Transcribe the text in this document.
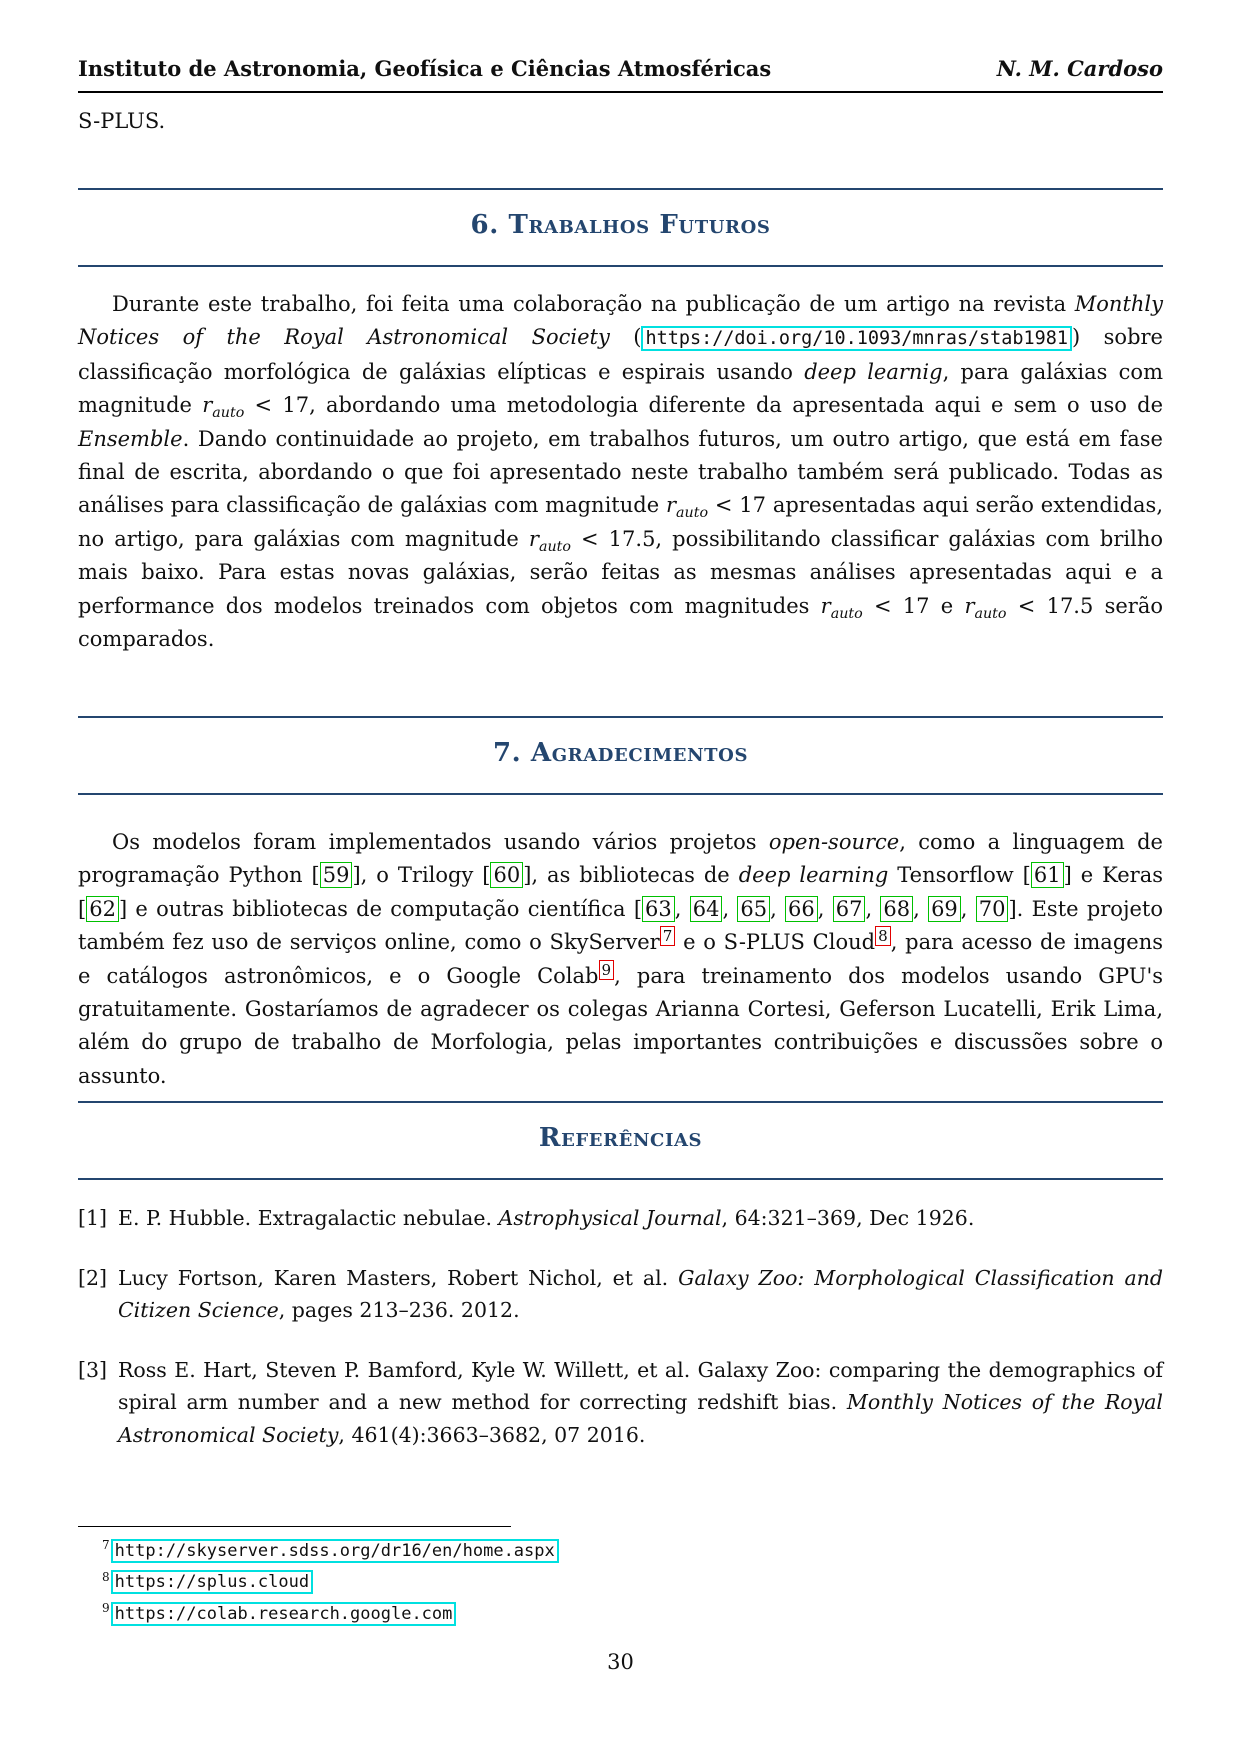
Instituto de Astronomia, Geofísica e Ciências Atmosféricas	N. M. Cardoso
S-PLUS.
6. Trabalhos Futuros
Durante este trabalho, foi feita uma colaboração na publicação de um artigo na revista Monthly Notices of the Royal Astronomical Society ( https://doi.org/10.1093/mnras/stab1981 ) sobre classificação morfológica de galáxias elípticas e espirais usando deep learnig, para galáxias com magnitude $r_{auto} < 17$, abordando uma metodologia diferente da apresentada aqui e sem o uso de Ensemble. Dando continuidade ao projeto, em trabalhos futuros, um outro artigo, que está em fase final de escrita, abordando o que foi apresentado neste trabalho também será publicado. Todas as análises para classificação de galáxias com magnitude $r_{auto} < 17$ apresentadas aqui serão extendidas, no artigo, para galáxias com magnitude $r_{auto} < 17.5$, possibilitando classificar galáxias com brilho mais baixo. Para estas novas galáxias, serão feitas as mesmas análises apresentadas aqui e a performance dos modelos treinados com objetos com magnitudes $r_{auto} < 17$ e $r_{auto} < 17.5$ serão comparados.
7. Agradecimentos
Os modelos foram implementados usando vários projetos open-source, como a linguagem de programação Python [ 59 ], o Trilogy [ 60 ], as bibliotecas de deep learning Tensorflow [ 61 ] e Keras [ 62 ] e outras bibliotecas de computação científica [ 63 , 64 , 65 , 66 , 67 , 68 , 69 , 70 ]. Este projeto também fez uso de serviços online, como o SkyServer $^7$ e o S-PLUS Cloud $^8$ , para acesso de imagens e catálogos astronômicos, e o Google Colab $^9$ , para treinamento dos modelos usando GPU's gratuitamente. Gostaríamos de agradecer os colegas Arianna Cortesi, Geferson Lucatelli, Erik Lima, além do grupo de trabalho de Morfologia, pelas importantes contribuições e discussões sobre o assunto.
Referências
[1] E. P. Hubble. Extragalactic nebulae. Astrophysical Journal, 64:321–369, Dec 1926.
[2] Lucy Fortson, Karen Masters, Robert Nichol, et al. Galaxy Zoo: Morphological Classification and Citizen Science, pages 213–236. 2012.
[3] Ross E. Hart, Steven P. Bamford, Kyle W. Willett, et al. Galaxy Zoo: comparing the demographics of spiral arm number and a new method for correcting redshift bias. Monthly Notices of the Royal Astronomical Society, 461(4):3663–3682, 07 2016.
$^7$ http://skyserver.sdss.org/dr16/en/home.aspx
$^8$ https://splus.cloud
$^9$ https://colab.research.google.com
30
